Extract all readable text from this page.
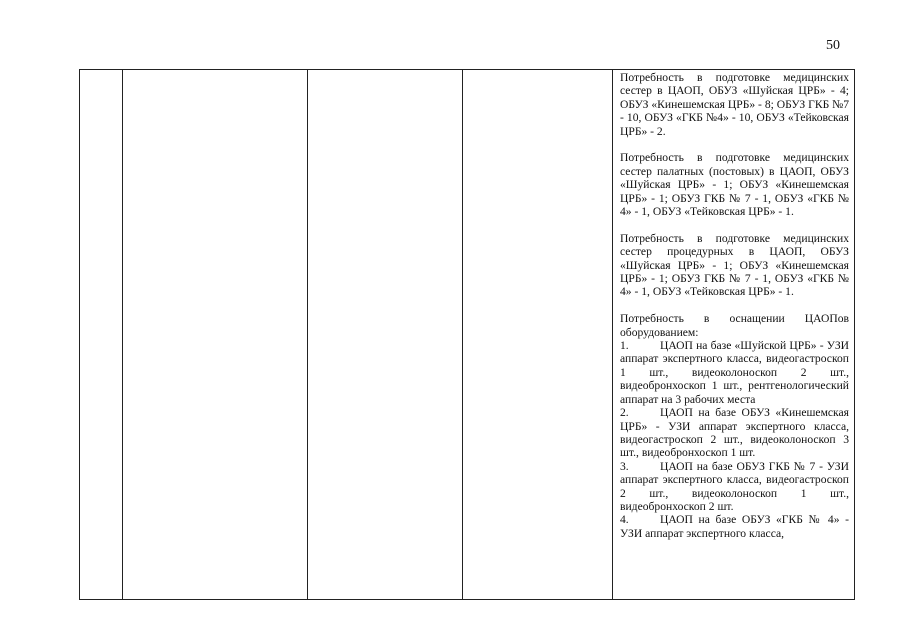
50

Потребность в подготовке медицинских сестер в ЦАОП, ОБУЗ «Шуйская ЦРБ» - 4; ОБУЗ «Кинешемская ЦРБ» - 8; ОБУЗ ГКБ №7 - 10, ОБУЗ «ГКБ №4» - 10, ОБУЗ «Тейковская ЦРБ» - 2.

Потребность в подготовке медицинских сестер палатных (постовых) в ЦАОП, ОБУЗ «Шуйская ЦРБ» - 1; ОБУЗ «Кинешемская ЦРБ» - 1; ОБУЗ ГКБ № 7 - 1, ОБУЗ «ГКБ № 4» - 1, ОБУЗ «Тейковская ЦРБ» - 1.

Потребность в подготовке медицинских сестер процедурных в ЦАОП, ОБУЗ «Шуйская ЦРБ» - 1; ОБУЗ «Кинешемская ЦРБ» - 1; ОБУЗ ГКБ № 7 - 1, ОБУЗ «ГКБ № 4» - 1, ОБУЗ «Тейковская ЦРБ» - 1.

Потребность в оснащении ЦАОПов оборудованием:

1.	ЦАОП на базе «Шуйской ЦРБ» - УЗИ аппарат экспертного класса, видеогастроскоп 1 шт., видеоколоноскоп 2 шт., видеобронхоскоп 1 шт., рентгенологический аппарат на 3 рабочих места
2.	ЦАОП на базе ОБУЗ «Кинешемская ЦРБ» - УЗИ аппарат экспертного класса, видеогастроскоп 2 шт., видеоколоноскоп 3 шт., видеобронхоскоп 1 шт.
3.	ЦАОП на базе ОБУЗ ГКБ № 7 - УЗИ аппарат экспертного класса, видеогастроскоп 2 шт., видеоколоноскоп 1 шт., видеобронхоскоп 2 шт.
4.	ЦАОП на базе ОБУЗ «ГКБ № 4» - УЗИ аппарат экспертного класса,
